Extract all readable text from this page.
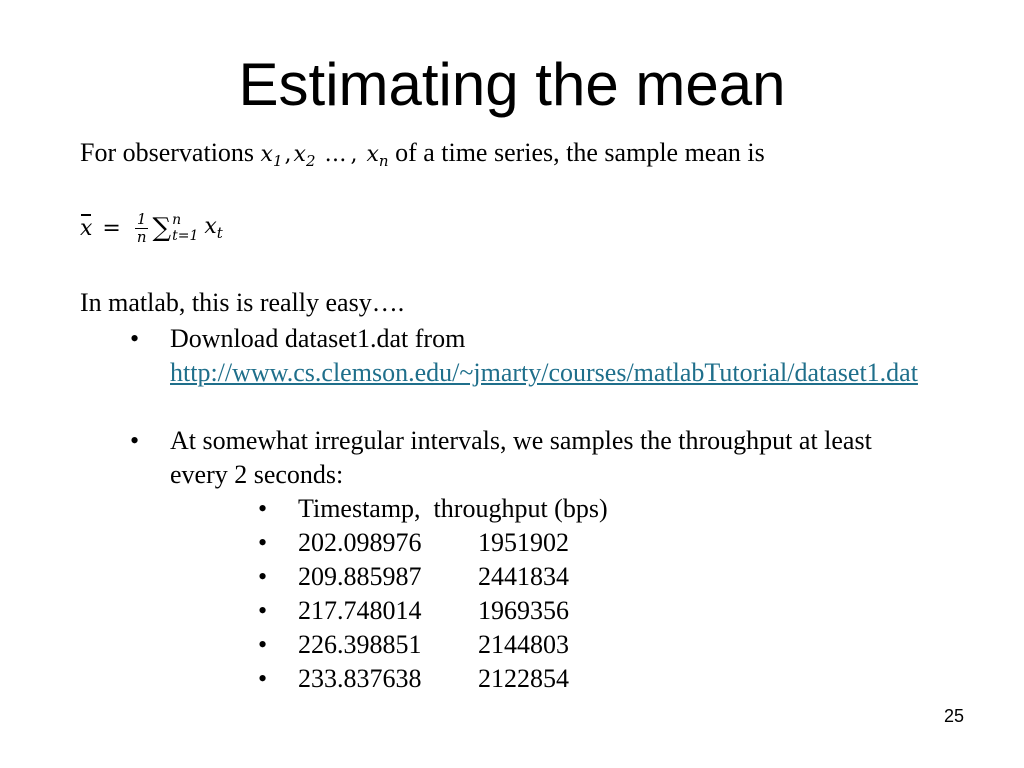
Estimating the mean
For observations $x_1,x_2$ … , $x_n$ of a time series, the sample mean is
$x = \frac{1}{n}$ ∑ n
t=1 $x_t$
In matlab, this is really easy….
•	Download dataset1.dat from
http://www.cs.clemson.edu/~jmarty/courses/matlabTutorial/dataset1.dat
•	At somewhat irregular intervals, we samples the throughput at least every 2 seconds:
•	Timestamp,  throughput (bps)
•	202.098976	1951902
•	209.885987	2441834
•	217.748014	1969356
•	226.398851	2144803
•	233.837638	2122854
25
